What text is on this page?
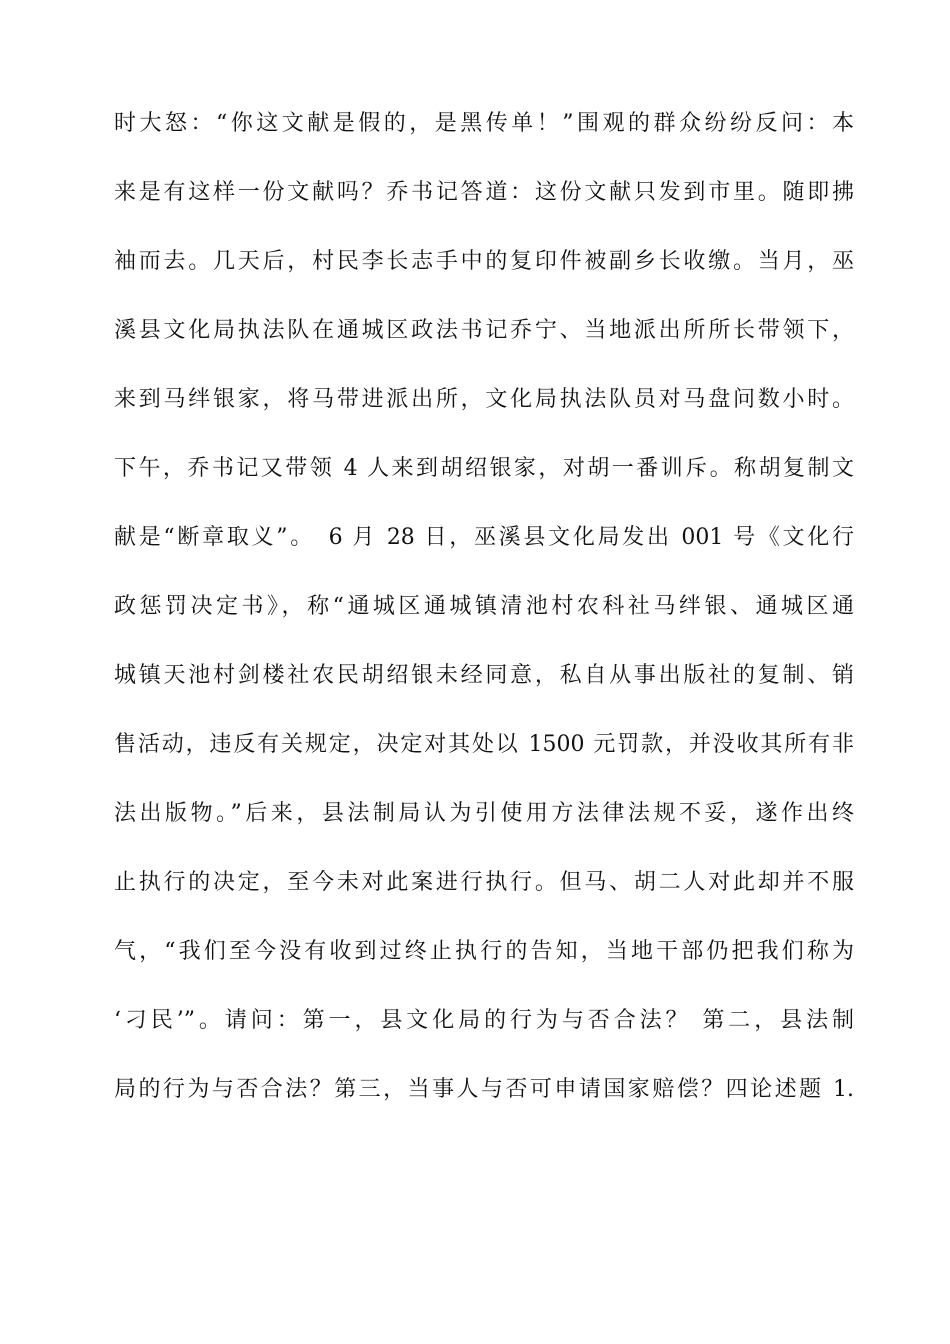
时大怒：“你这文献是假的，是黑传单！”围观的群众纷纷反问：本
来是有这样一份文献吗？乔书记答道：这份文献只发到市里。随即拂
袖而去。几天后，村民李长志手中的复印件被副乡长收缴。当月，巫
溪县文化局执法队在通城区政法书记乔宁、当地派出所所长带领下，
来到马绊银家，将马带进派出所，文化局执法队员对马盘问数小时。
下午，乔书记又带领 4 人来到胡绍银家，对胡一番训斥。称胡复制文
献是“断章取义”。　6 月 28 日，巫溪县文化局发出 001 号《文化行
政惩罚决定书》，称“通城区通城镇清池村农科社马绊银、通城区通
城镇天池村剑楼社农民胡绍银未经同意，私自从事出版社的复制、销
售活动，违反有关规定，决定对其处以 1500 元罚款，并没收其所有非
法出版物。”后来，县法制局认为引使用方法律法规不妥，遂作出终
止执行的决定，至今未对此案进行执行。但马、胡二人对此却并不服
气，“我们至今没有收到过终止执行的告知，当地干部仍把我们称为
‘刁民’”。请问：第一，县文化局的行为与否合法？ 第二，县法制
局的行为与否合法？第三，当事人与否可申请国家赔偿？四论述题 1.
